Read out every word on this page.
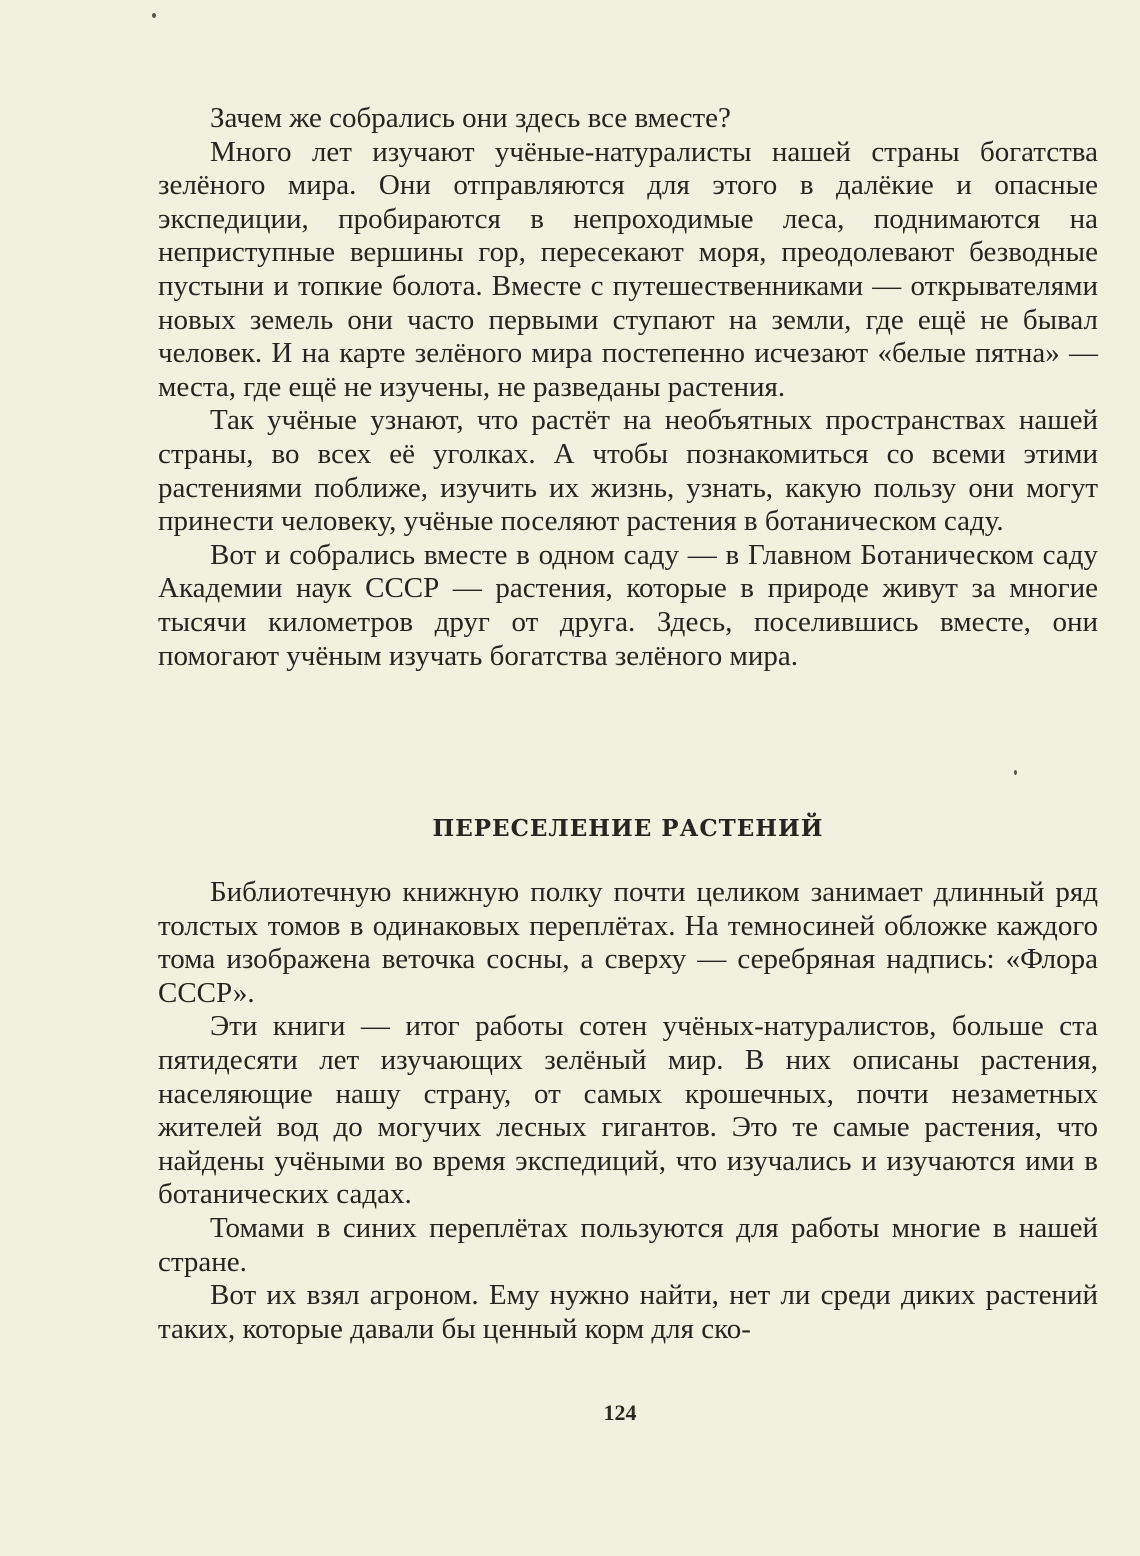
Зачем же собрались они здесь все вместе?

Много лет изучают учёные-натуралисты нашей страны богатства зелёного мира. Они отправляются для этого в далёкие и опасные экспедиции, пробираются в непроходимые леса, поднимаются на неприступные вершины гор, пересекают моря, преодолевают безводные пустыни и топкие болота. Вместе с путешественниками — открывателями новых земель они часто первыми ступают на земли, где ещё не бывал человек. И на карте зелёного мира постепенно исчезают «белые пятна» — места, где ещё не изучены, не разведаны растения.

Так учёные узнают, что растёт на необъятных пространствах нашей страны, во всех её уголках. А чтобы познакомиться со всеми этими растениями поближе, изучить их жизнь, узнать, какую пользу они могут принести человеку, учёные поселяют растения в ботаническом саду.

Вот и собрались вместе в одном саду — в Главном Ботаническом саду Академии наук СССР — растения, которые в природе живут за многие тысячи километров друг от друга. Здесь, поселившись вместе, они помогают учёным изучать богатства зелёного мира.

ПЕРЕСЕЛЕНИЕ РАСТЕНИЙ

Библиотечную книжную полку почти целиком занимает длинный ряд толстых томов в одинаковых переплётах. На темносиней обложке каждого тома изображена веточка сосны, а сверху — серебряная надпись: «Флора СССР».

Эти книги — итог работы сотен учёных-натуралистов, больше ста пятидесяти лет изучающих зелёный мир. В них описаны растения, населяющие нашу страну, от самых крошечных, почти незаметных жителей вод до могучих лесных гигантов. Это те самые растения, что найдены учёными во время экспедиций, что изучались и изучаются ими в ботанических садах.

Томами в синих переплётах пользуются для работы многие в нашей стране.

Вот их взял агроном. Ему нужно найти, нет ли среди диких растений таких, которые давали бы ценный корм для ско-

124
